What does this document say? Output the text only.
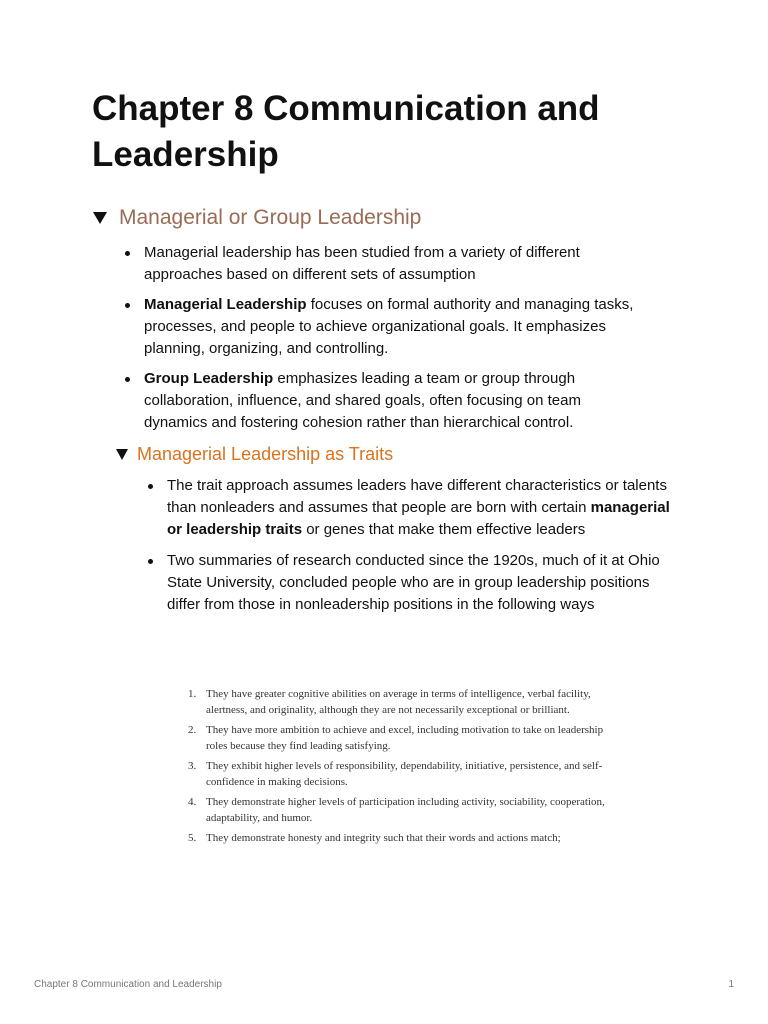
Chapter 8 Communication and Leadership
Managerial or Group Leadership
Managerial leadership has been studied from a variety of different approaches based on different sets of assumption
Managerial Leadership focuses on formal authority and managing tasks, processes, and people to achieve organizational goals. It emphasizes planning, organizing, and controlling.
Group Leadership emphasizes leading a team or group through collaboration, influence, and shared goals, often focusing on team dynamics and fostering cohesion rather than hierarchical control.
Managerial Leadership as Traits
The trait approach assumes leaders have different characteristics or talents than nonleaders and assumes that people are born with certain managerial or leadership traits or genes that make them effective leaders
Two summaries of research conducted since the 1920s, much of it at Ohio State University, concluded people who are in group leadership positions differ from those in nonleadership positions in the following ways
1. They have greater cognitive abilities on average in terms of intelligence, verbal facility, alertness, and originality, although they are not necessarily exceptional or brilliant.
2. They have more ambition to achieve and excel, including motivation to take on leadership roles because they find leading satisfying.
3. They exhibit higher levels of responsibility, dependability, initiative, persistence, and self-confidence in making decisions.
4. They demonstrate higher levels of participation including activity, sociability, cooperation, adaptability, and humor.
5. They demonstrate honesty and integrity such that their words and actions match;
Chapter 8 Communication and Leadership	1
